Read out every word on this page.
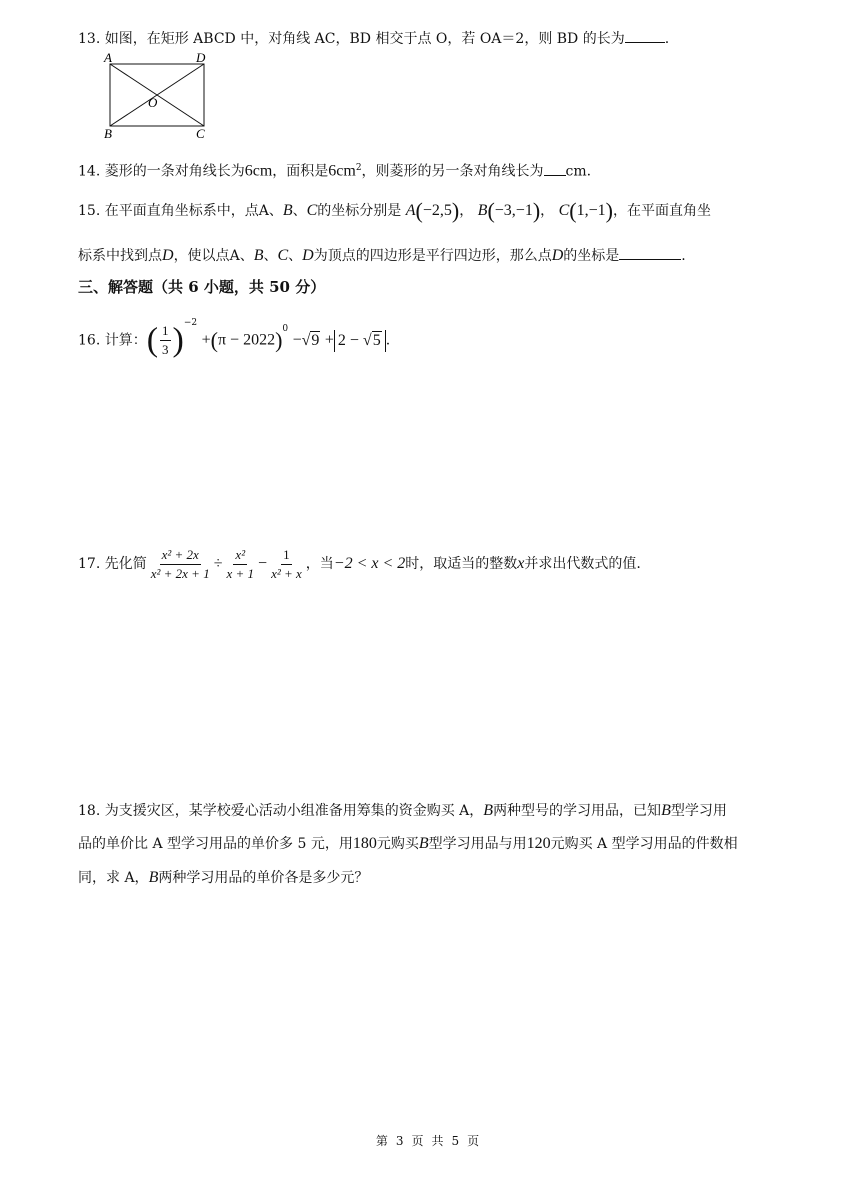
13. 如图，在矩形 ABCD 中，对角线 AC，BD 相交于点 O，若 OA＝2，则 BD 的长为	.
A	D
O
B	C
14. 菱形的一条对角线长为6cm，面积是$6cm^2$，则菱形的另一条对角线长为 cm.
15. 在平面直角坐标系中，点A、B、C的坐标分别是 A(−2,5)， B(−3,−1)， C(1,−1)，在平面直角坐
标系中找到点D，使以点A、B、C、D为顶点的四边形是平行四边形，那么点D的坐标是	.
三、解答题（共 6 小题，共 50 分）
16. 计算：( $\frac{1}{3} )^{-2} +(\pi - 2022)^0 -√9 + 2 - √5$ .
17. 先化简 $\frac{\text{x² + 2x}}{\text{x² + 2x + 1}} \div \frac{\text{x²}}{x + 1} - \frac{1}{\text{x² + x}}$ ，当−2 < x < 2时，取适当的整数x并求出代数式的值.
18. 为支援灾区，某学校爱心活动小组准备用筹集的资金购买 A，B两种型号的学习用品，已知B型学习用
品的单价比 A 型学习用品的单价多 5 元，用180元购买B型学习用品与用120元购买 A 型学习用品的件数相
同，求 A，B两种学习用品的单价各是多少元？
第 3 页 共 5 页
